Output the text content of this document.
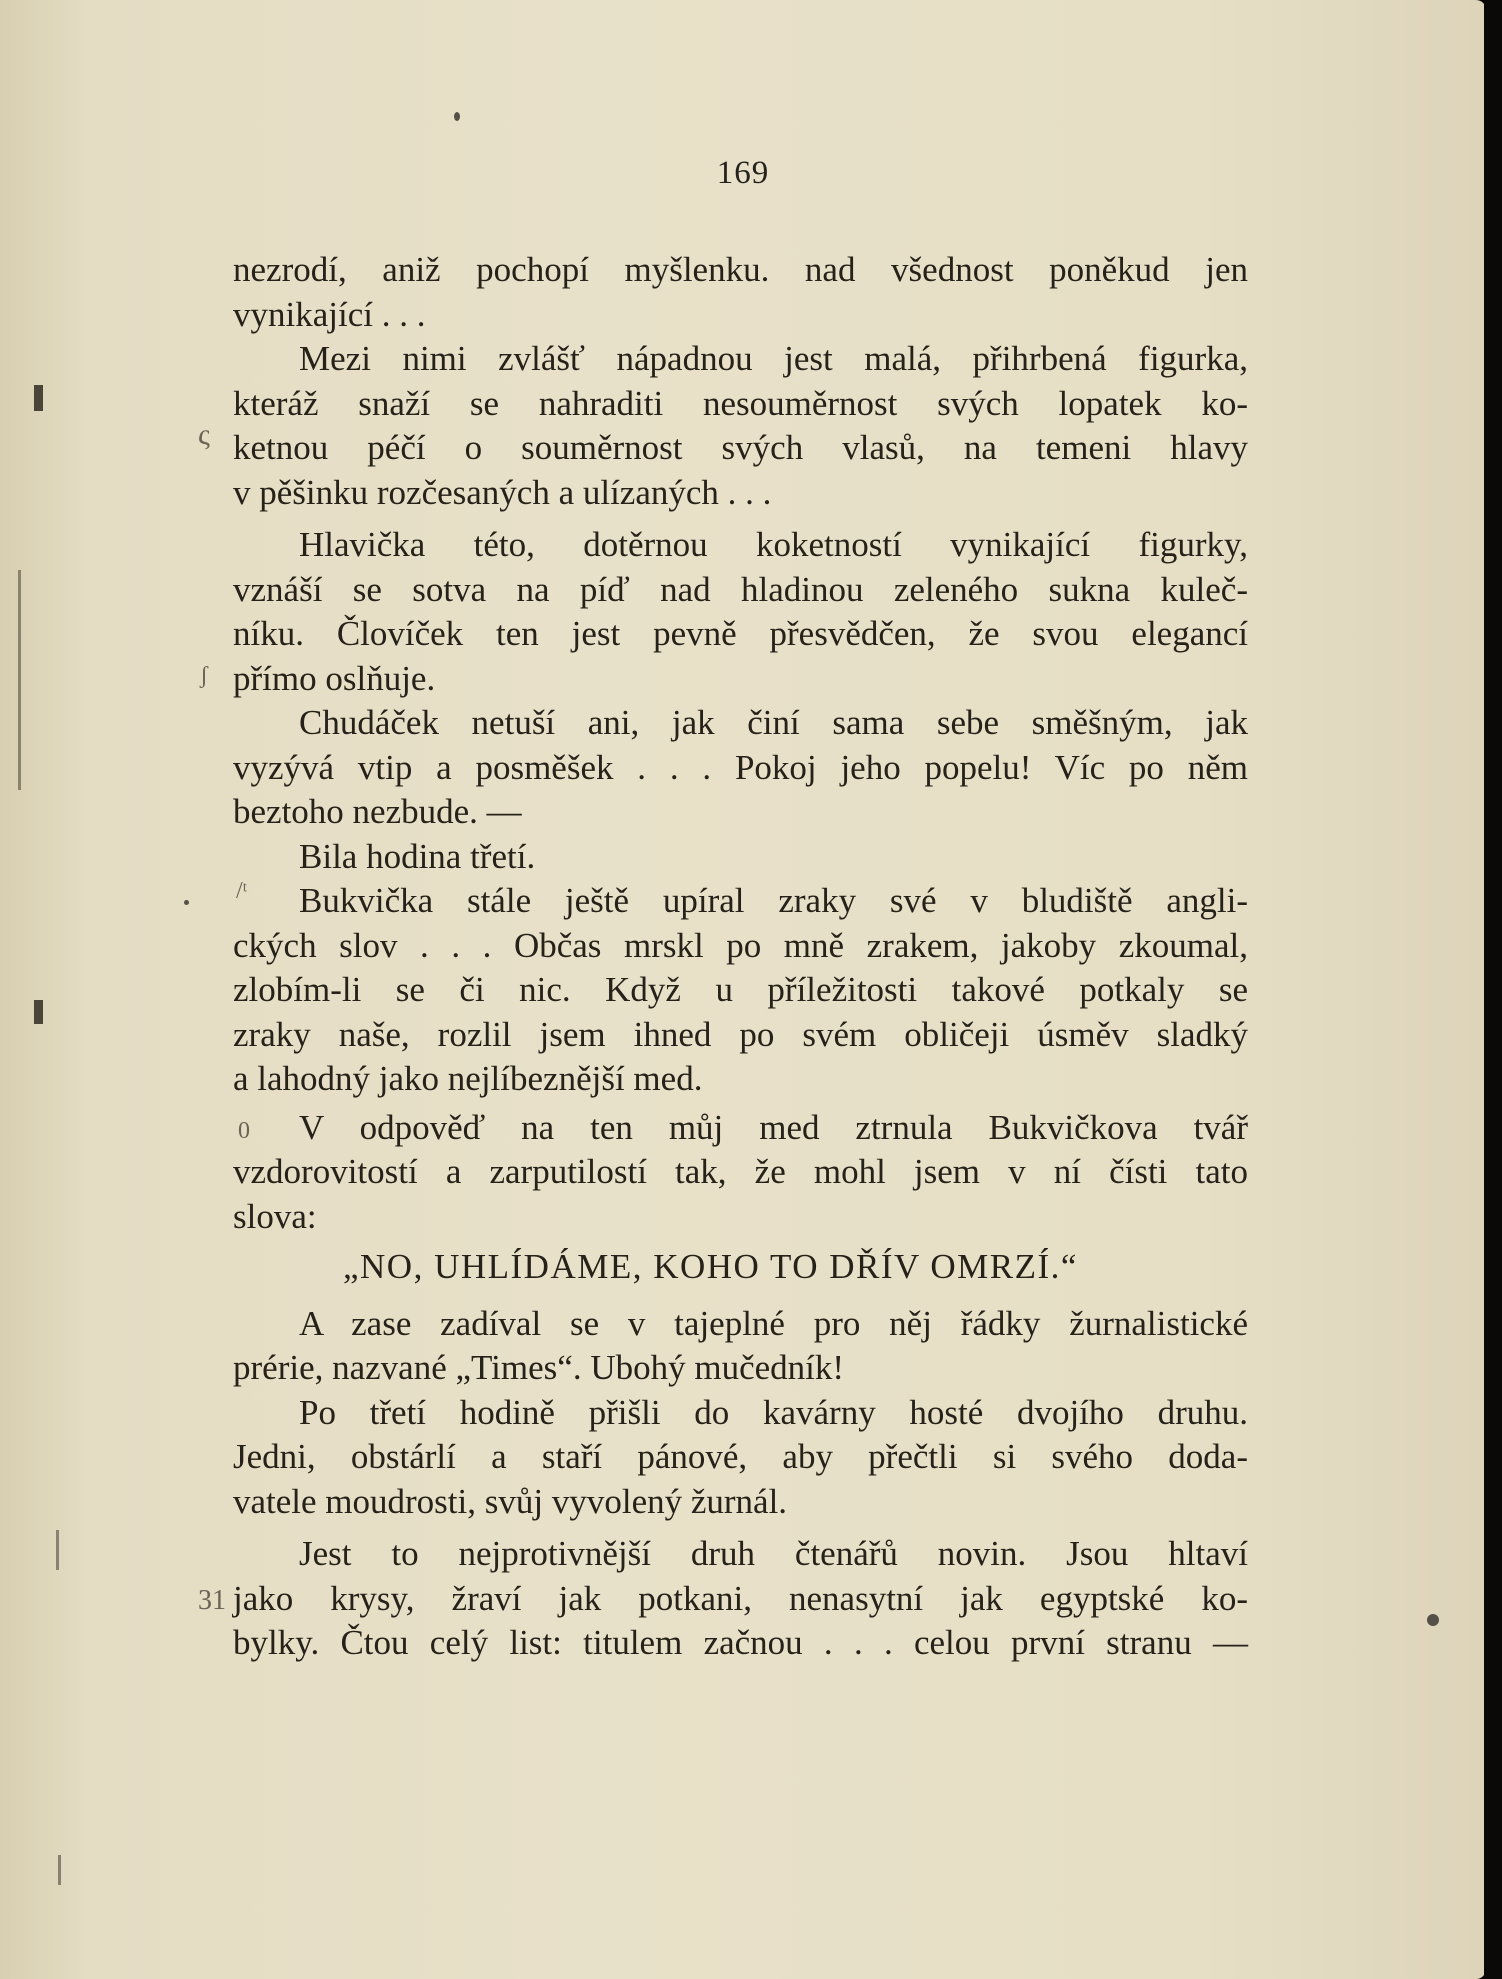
169
ς
ʃ
/ᵗ
0
31
nezrodí, aniž pochopí myšlenku. nad všednost poněkud jen
vynikající . . .
Mezi nimi zvlášť nápadnou jest malá, přihrbená figurka,
kteráž snaží se nahraditi nesouměrnost svých lopatek ko-
ketnou péčí o souměrnost svých vlasů, na temeni hlavy
v pěšinku rozčesaných a ulízaných . . .
Hlavička této, dotěrnou koketností vynikající figurky,
vznáší se sotva na píď nad hladinou zeleného sukna kuleč-
níku. Človíček ten jest pevně přesvědčen, že svou elegancí
přímo oslňuje.
Chudáček netuší ani, jak činí sama sebe směšným, jak
vyzývá vtip a posměšek . . . Pokoj jeho popelu! Víc po něm
beztoho nezbude. —
Bila hodina třetí.
Bukvička stále ještě upíral zraky své v bludiště angli-
ckých slov . . . Občas mrskl po mně zrakem, jakoby zkoumal,
zlobím-li se či nic. Když u příležitosti takové potkaly se
zraky naše, rozlil jsem ihned po svém obličeji úsměv sladký
a lahodný jako nejlíbeznější med.
V odpověď na ten můj med ztrnula Bukvičkova tvář
vzdorovitostí a zarputilostí tak, že mohl jsem v ní čísti tato
slova:
„NO, UHLÍDÁME, KOHO TO DŘÍV OMRZÍ.“
A zase zadíval se v tajeplné pro něj řádky žurnalistické
prérie, nazvané „Times“. Ubohý mučedník!
Po třetí hodině přišli do kavárny hosté dvojího druhu.
Jedni, obstárlí a staří pánové, aby přečtli si svého doda-
vatele moudrosti, svůj vyvolený žurnál.
Jest to nejprotivnější druh čtenářů novin. Jsou hltaví
jako krysy, žraví jak potkani, nenasytní jak egyptské ko-
bylky. Čtou celý list: titulem začnou . . . celou první stranu —
